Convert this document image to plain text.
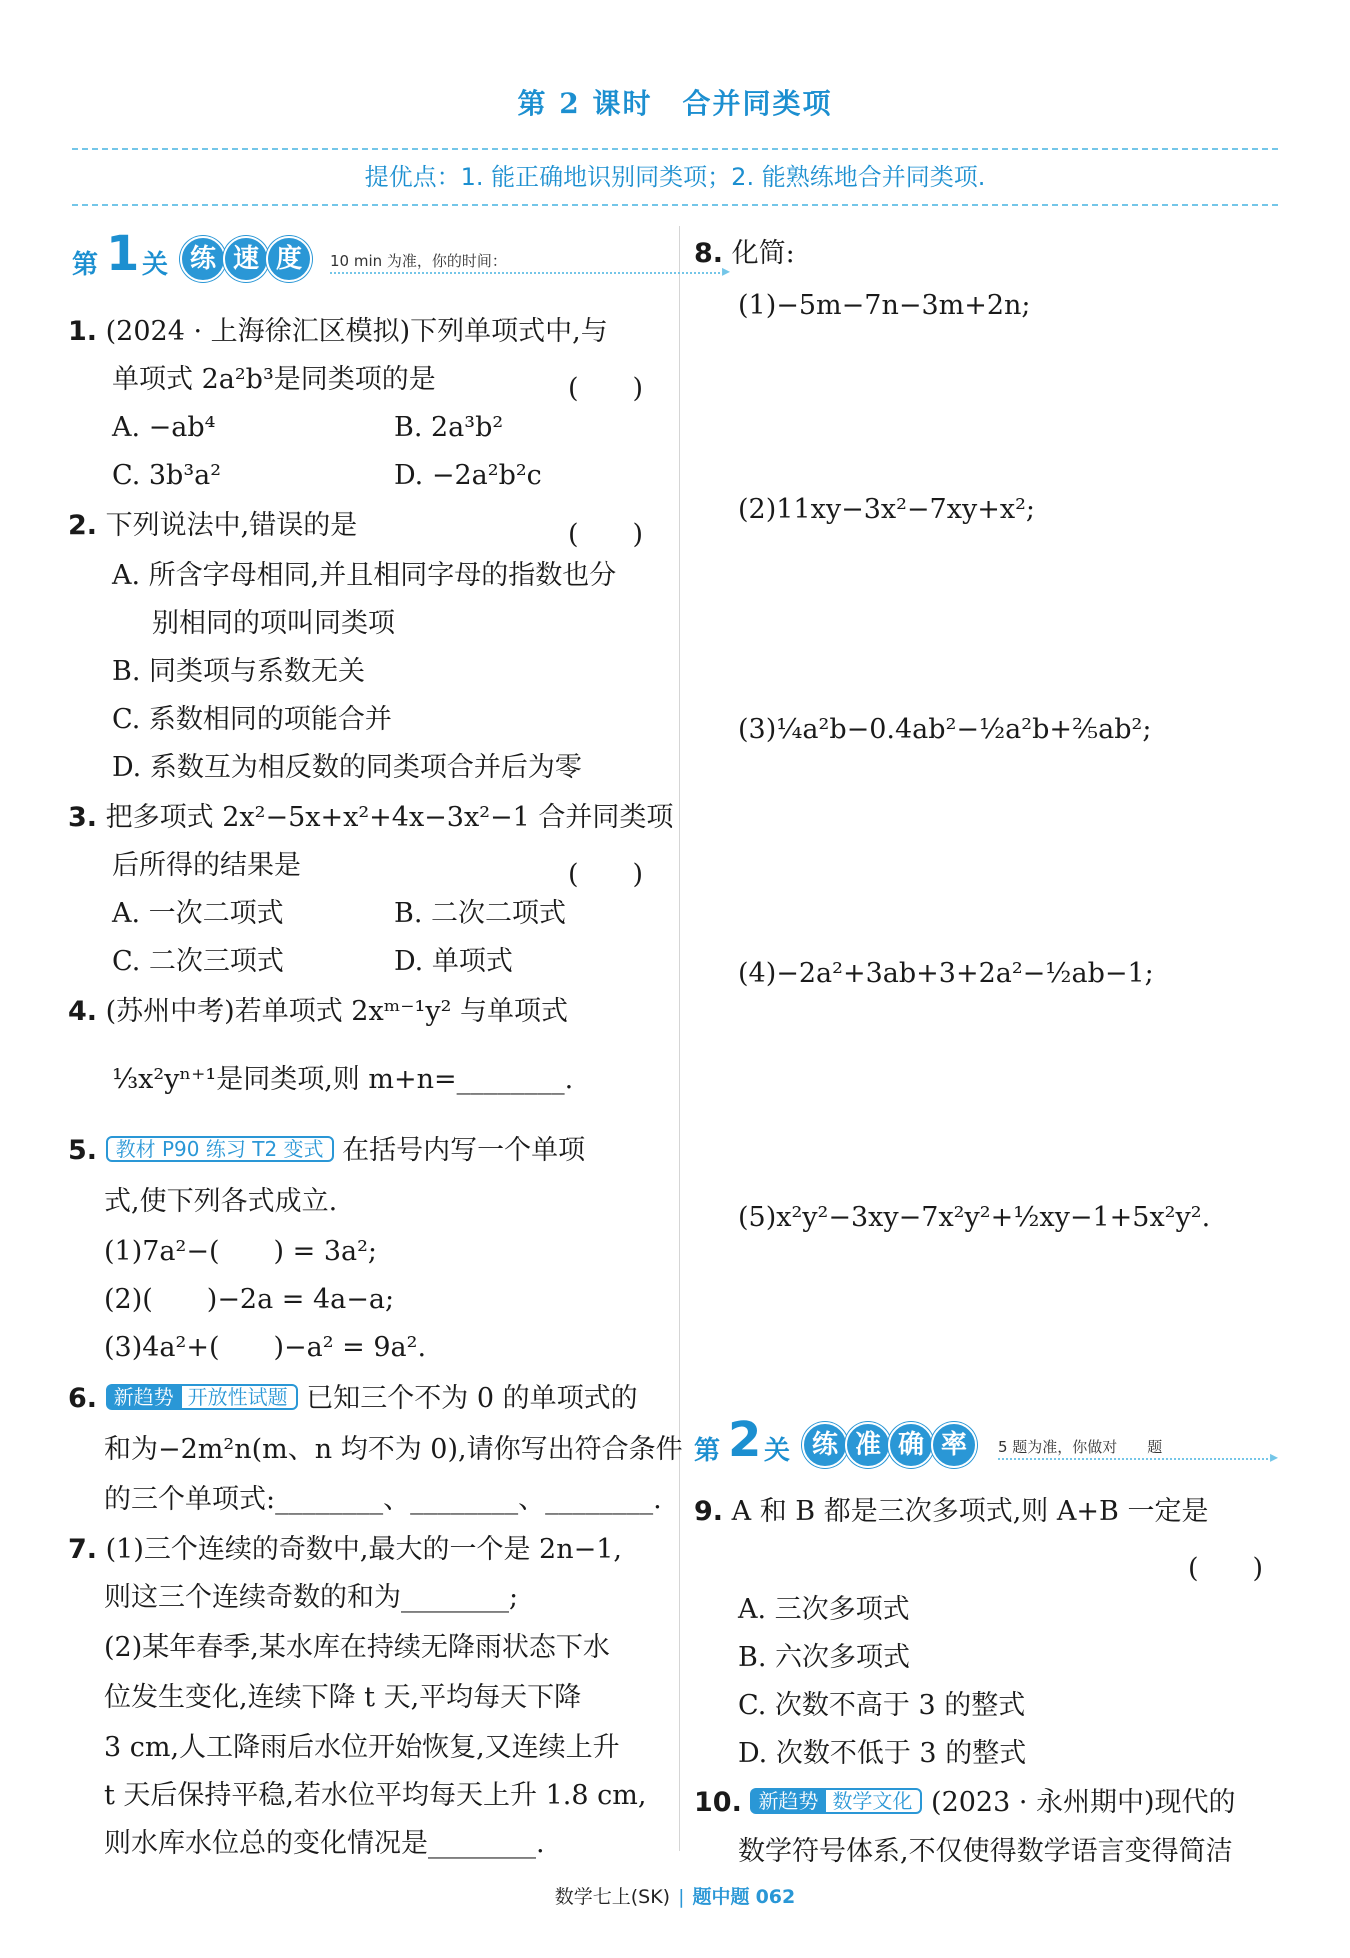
第 2 课时　合并同类项
提优点：1. 能正确地识别同类项；2. 能熟练地合并同类项.
第 1 关 练 速 度	10 min 为准，你的时间：
▸
1. (2024 · 上海徐汇区模拟)下列单项式中,与
单项式 2a²b³是同类项的是	(　　)
A. −ab⁴	B. 2a³b²
C. 3b³a²	D. −2a²b²c
2. 下列说法中,错误的是	(　　)
A. 所含字母相同,并且相同字母的指数也分
别相同的项叫同类项
B. 同类项与系数无关
C. 系数相同的项能合并
D. 系数互为相反数的同类项合并后为零
3. 把多项式 2x²−5x+x²+4x−3x²−1 合并同类项
后所得的结果是	(　　)
A. 一次二项式	B. 二次二项式
C. 二次三项式	D. 单项式
4. (苏州中考)若单项式 2xᵐ⁻¹y² 与单项式
⅓x²yⁿ⁺¹是同类项,则 m+n=________.
5. 教材 P90 练习 T2 变式 在括号内写一个单项
式,使下列各式成立.
(1)7a²−(　　) = 3a²;
(2)(　　)−2a = 4a−a;
(3)4a²+(　　)−a² = 9a².
6. 新趋势 开放性试题 已知三个不为 0 的单项式的
和为−2m²n(m、n 均不为 0),请你写出符合条件
的三个单项式:________、________、________.
7. (1)三个连续的奇数中,最大的一个是 2n−1,
则这三个连续奇数的和为________;
(2)某年春季,某水库在持续无降雨状态下水
位发生变化,连续下降 t 天,平均每天下降
3 cm,人工降雨后水位开始恢复,又连续上升
t 天后保持平稳,若水位平均每天上升 1.8 cm,
则水库水位总的变化情况是________.
8. 化简:
(1)−5m−7n−3m+2n;
(2)11xy−3x²−7xy+x²;
(3)¼a²b−0.4ab²−½a²b+⅖ab²;
(4)−2a²+3ab+3+2a²−½ab−1;
(5)x²y²−3xy−7x²y²+½xy−1+5x²y².
第 2 关 练 准 确 率	5 题为准，你做对　　题
▸
9. A 和 B 都是三次多项式,则 A+B 一定是
(　　)
A. 三次多项式
B. 六次多项式
C. 次数不高于 3 的整式
D. 次数不低于 3 的整式
10. 新趋势 数学文化 (2023 · 永州期中)现代的
数学符号体系,不仅使得数学语言变得简洁
数学七上(SK) | 题中题 062
